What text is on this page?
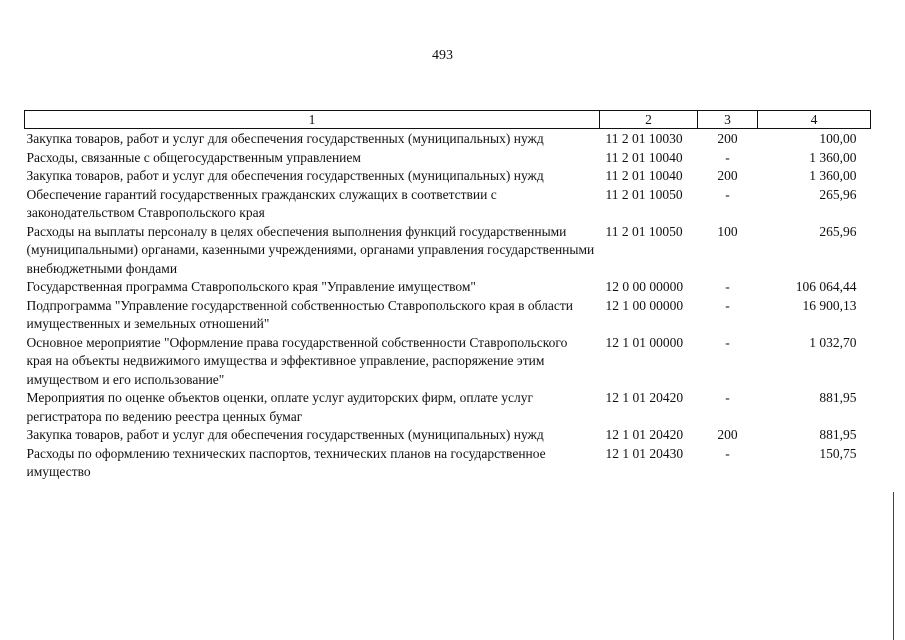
493
1	2	3	4
Закупка товаров, работ и услуг для обеспечения государственных (муниципальных) нужд	11 2 01 10030	200	100,00
Расходы, связанные с общегосударственным управлением	11 2 01 10040	-	1 360,00
Закупка товаров, работ и услуг для обеспечения государственных (муниципальных) нужд	11 2 01 10040	200	1 360,00
Обеспечение гарантий государственных гражданских служащих в соответствии с законодательством Ставропольского края	11 2 01 10050	-	265,96
Расходы на выплаты персоналу в целях обеспечения выполнения функций государственными (муниципальными) органами, казенными учреждениями, органами управления государственными внебюджетными фондами	11 2 01 10050	100	265,96
Государственная программа Ставропольского края "Управление имуществом"	12 0 00 00000	-	106 064,44
Подпрограмма "Управление государственной собственностью Ставропольского края в области имущественных и земельных отношений"	12 1 00 00000	-	16 900,13
Основное мероприятие "Оформление права государственной собственности Ставропольского края на объекты недвижимого имущества и эффективное управление, распоряжение этим имуществом и его использование"	12 1 01 00000	-	1 032,70
Мероприятия по оценке объектов оценки, оплате услуг аудиторских фирм, оплате услуг регистратора по ведению реестра ценных бумаг	12 1 01 20420	-	881,95
Закупка товаров, работ и услуг для обеспечения государственных (муниципальных) нужд	12 1 01 20420	200	881,95
Расходы по оформлению технических паспортов, технических планов на государственное имущество	12 1 01 20430	-	150,75
